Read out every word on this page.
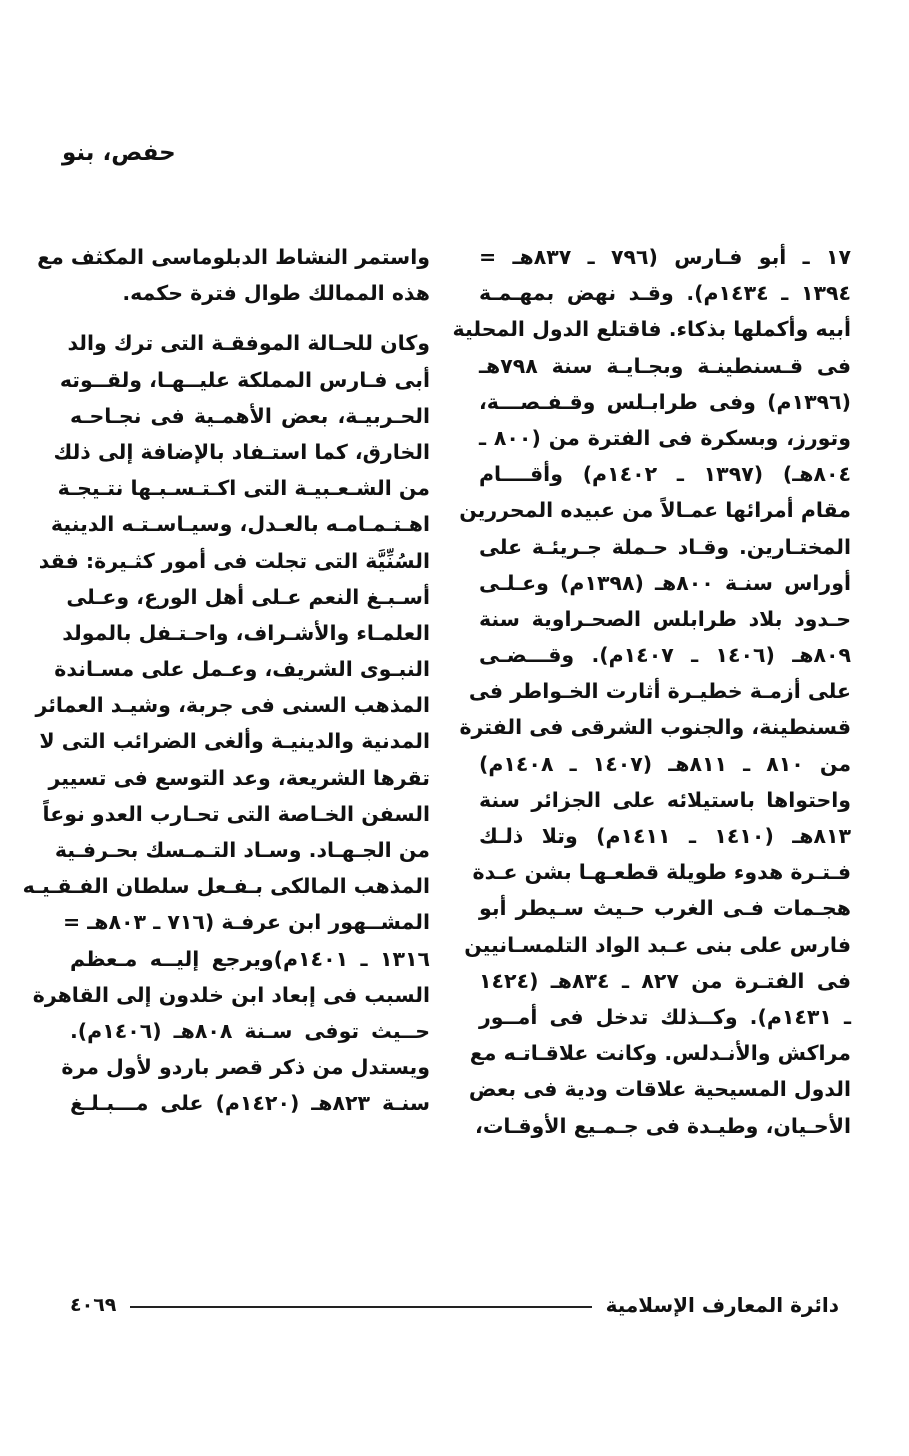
حفص، بنو
١٧ ـ أبو فـارس (٧٩٦ ـ ٨٣٧هـ =
١٣٩٤ ـ ١٤٣٤م). وقـد نهض بمهـمـة
أبيه وأكملها بذكاء. فاقتلع الدول المحلية
فى قـسنطينـة وبجـايـة سنة ٧٩٨هـ
(١٣٩٦م) وفى طرابـلس وقـفـصـــة،
وتورز، وبسكرة فى الفترة من (٨٠٠ ـ
٨٠٤هـ) (١٣٩٧ ـ ١٤٠٢م) وأقــــام
مقام أمرائها عمـالاً من عبيده المحررين
المختـارين. وقـاد حـملة جـريئـة على
أوراس سنـة ٨٠٠هـ (١٣٩٨م) وعـلـى
حـدود بلاد طرابلس الصحـراوية سنة
٨٠٩هـ (١٤٠٦ ـ ١٤٠٧م). وقـــضـى
على أزمـة خطيـرة أثارت الخـواطر فى
قسنطينة، والجنوب الشرقى فى الفترة
من ٨١٠ ـ ٨١١هـ (١٤٠٧ ـ ١٤٠٨م)
واحتواها باستيلائه على الجزائر سنة
٨١٣هـ (١٤١٠ ـ ١٤١١م) وتلا ذلـك
فـتـرة هدوء طويلة قطعـهـا بشن عـدة
هجـمات فـى الغرب حـيث سـيطر أبو
فارس على بنى عـبد الواد التلمسـانيين
فى الفتـرة من ٨٢٧ ـ ٨٣٤هـ (١٤٢٤
ـ ١٤٣١م). وكــذلك تدخل فى أمــور
مراكش والأنـدلس. وكانت علاقـاتـه مع
الدول المسيحية علاقات ودية فى بعض
الأحـيان، وطيـدة فى جـمـيع الأوقـات،
واستمر النشاط الدبلوماسى المكثف مع
هذه الممالك طوال فترة حكمه.
وكان للحـالة الموفقـة التى ترك والد
أبى فـارس المملكة عليــهـا، ولقــوته
الحـربيـة، بعض الأهمـية فى نجـاحـه
الخارق، كما استـفاد بالإضافة إلى ذلك
من الشـعـبيـة التى اكـتـسـبـها نتـيجـة
اهـتـمـامـه بالعـدل، وسيـاسـتـه الدينية
السُنِّيَّة التى تجلت فى أمور كثـيرة: فقد
أسـبـغ النعم عـلى أهل الورع، وعـلى
العلمـاء والأشـراف، واحـتـفل بالمولد
النبـوى الشريف، وعـمل على مسـاندة
المذهب السنى فى جربة، وشيـد العمائر
المدنية والدينيـة وألغى الضرائب التى لا
تقرها الشريعة، وعد التوسع فى تسيير
السفن الخـاصة التى تحـارب العدو نوعاً
من الجـهـاد. وسـاد التـمـسك بحـرفـية
المذهب المالكى بـفـعل سلطان الفـقـيـه
المشــهور ابن عرفـة (٧١٦ ـ ٨٠٣هـ =
١٣١٦ ـ ١٤٠١م)ويرجع إليــه مـعظم
السبب فى إبعاد ابن خلدون إلى القاهرة
حــيث توفى سـنة ٨٠٨هـ (١٤٠٦م).
ويستدل من ذكر قصر باردو لأول مرة
سنـة ٨٢٣هـ (١٤٢٠م) على مـــبـلـغ
دائرة المعارف الإسلامية
٤٠٦٩
